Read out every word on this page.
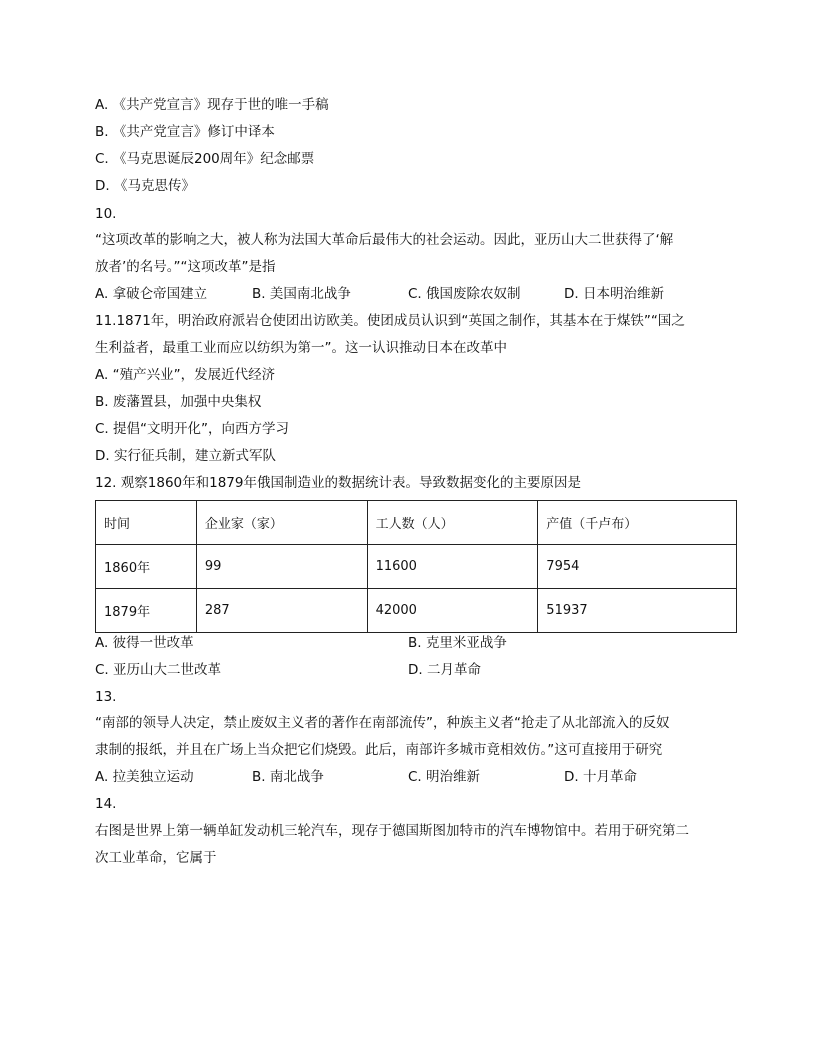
A. 《共产党宣言》现存于世的唯一手稿
B. 《共产党宣言》修订中译本
C. 《马克思诞辰200周年》纪念邮票
D. 《马克思传》
10.
“这项改革的影响之大，被人称为法国大革命后最伟大的社会运动。因此，亚历山大二世获得了‘解
放者’的名号。”“这项改革”是指
A. 拿破仑帝国建立	B. 美国南北战争	C. 俄国废除农奴制	D. 日本明治维新
11.1871年，明治政府派岩仓使团出访欧美。使团成员认识到“英国之制作，其基本在于煤铁”“国之
生利益者，最重工业而应以纺织为第一”。这一认识推动日本在改革中
A. “殖产兴业”，发展近代经济
B. 废藩置县，加强中央集权
C. 提倡“文明开化”，向西方学习
D. 实行征兵制，建立新式军队
12. 观察1860年和1879年俄国制造业的数据统计表。导致数据变化的主要原因是
时间	企业家（家）	工人数（人）	产值（千卢布）
1860年	99	11600	7954
1879年	287	42000	51937
A. 彼得一世改革	B. 克里米亚战争
C. 亚历山大二世改革	D. 二月革命
13.
“南部的领导人决定，禁止废奴主义者的著作在南部流传”，种族主义者“抢走了从北部流入的反奴
隶制的报纸，并且在广场上当众把它们烧毁。此后，南部许多城市竟相效仿。”这可直接用于研究
A. 拉美独立运动	B. 南北战争	C. 明治维新	D. 十月革命
14.
右图是世界上第一辆单缸发动机三轮汽车，现存于德国斯图加特市的汽车博物馆中。若用于研究第二
次工业革命，它属于
